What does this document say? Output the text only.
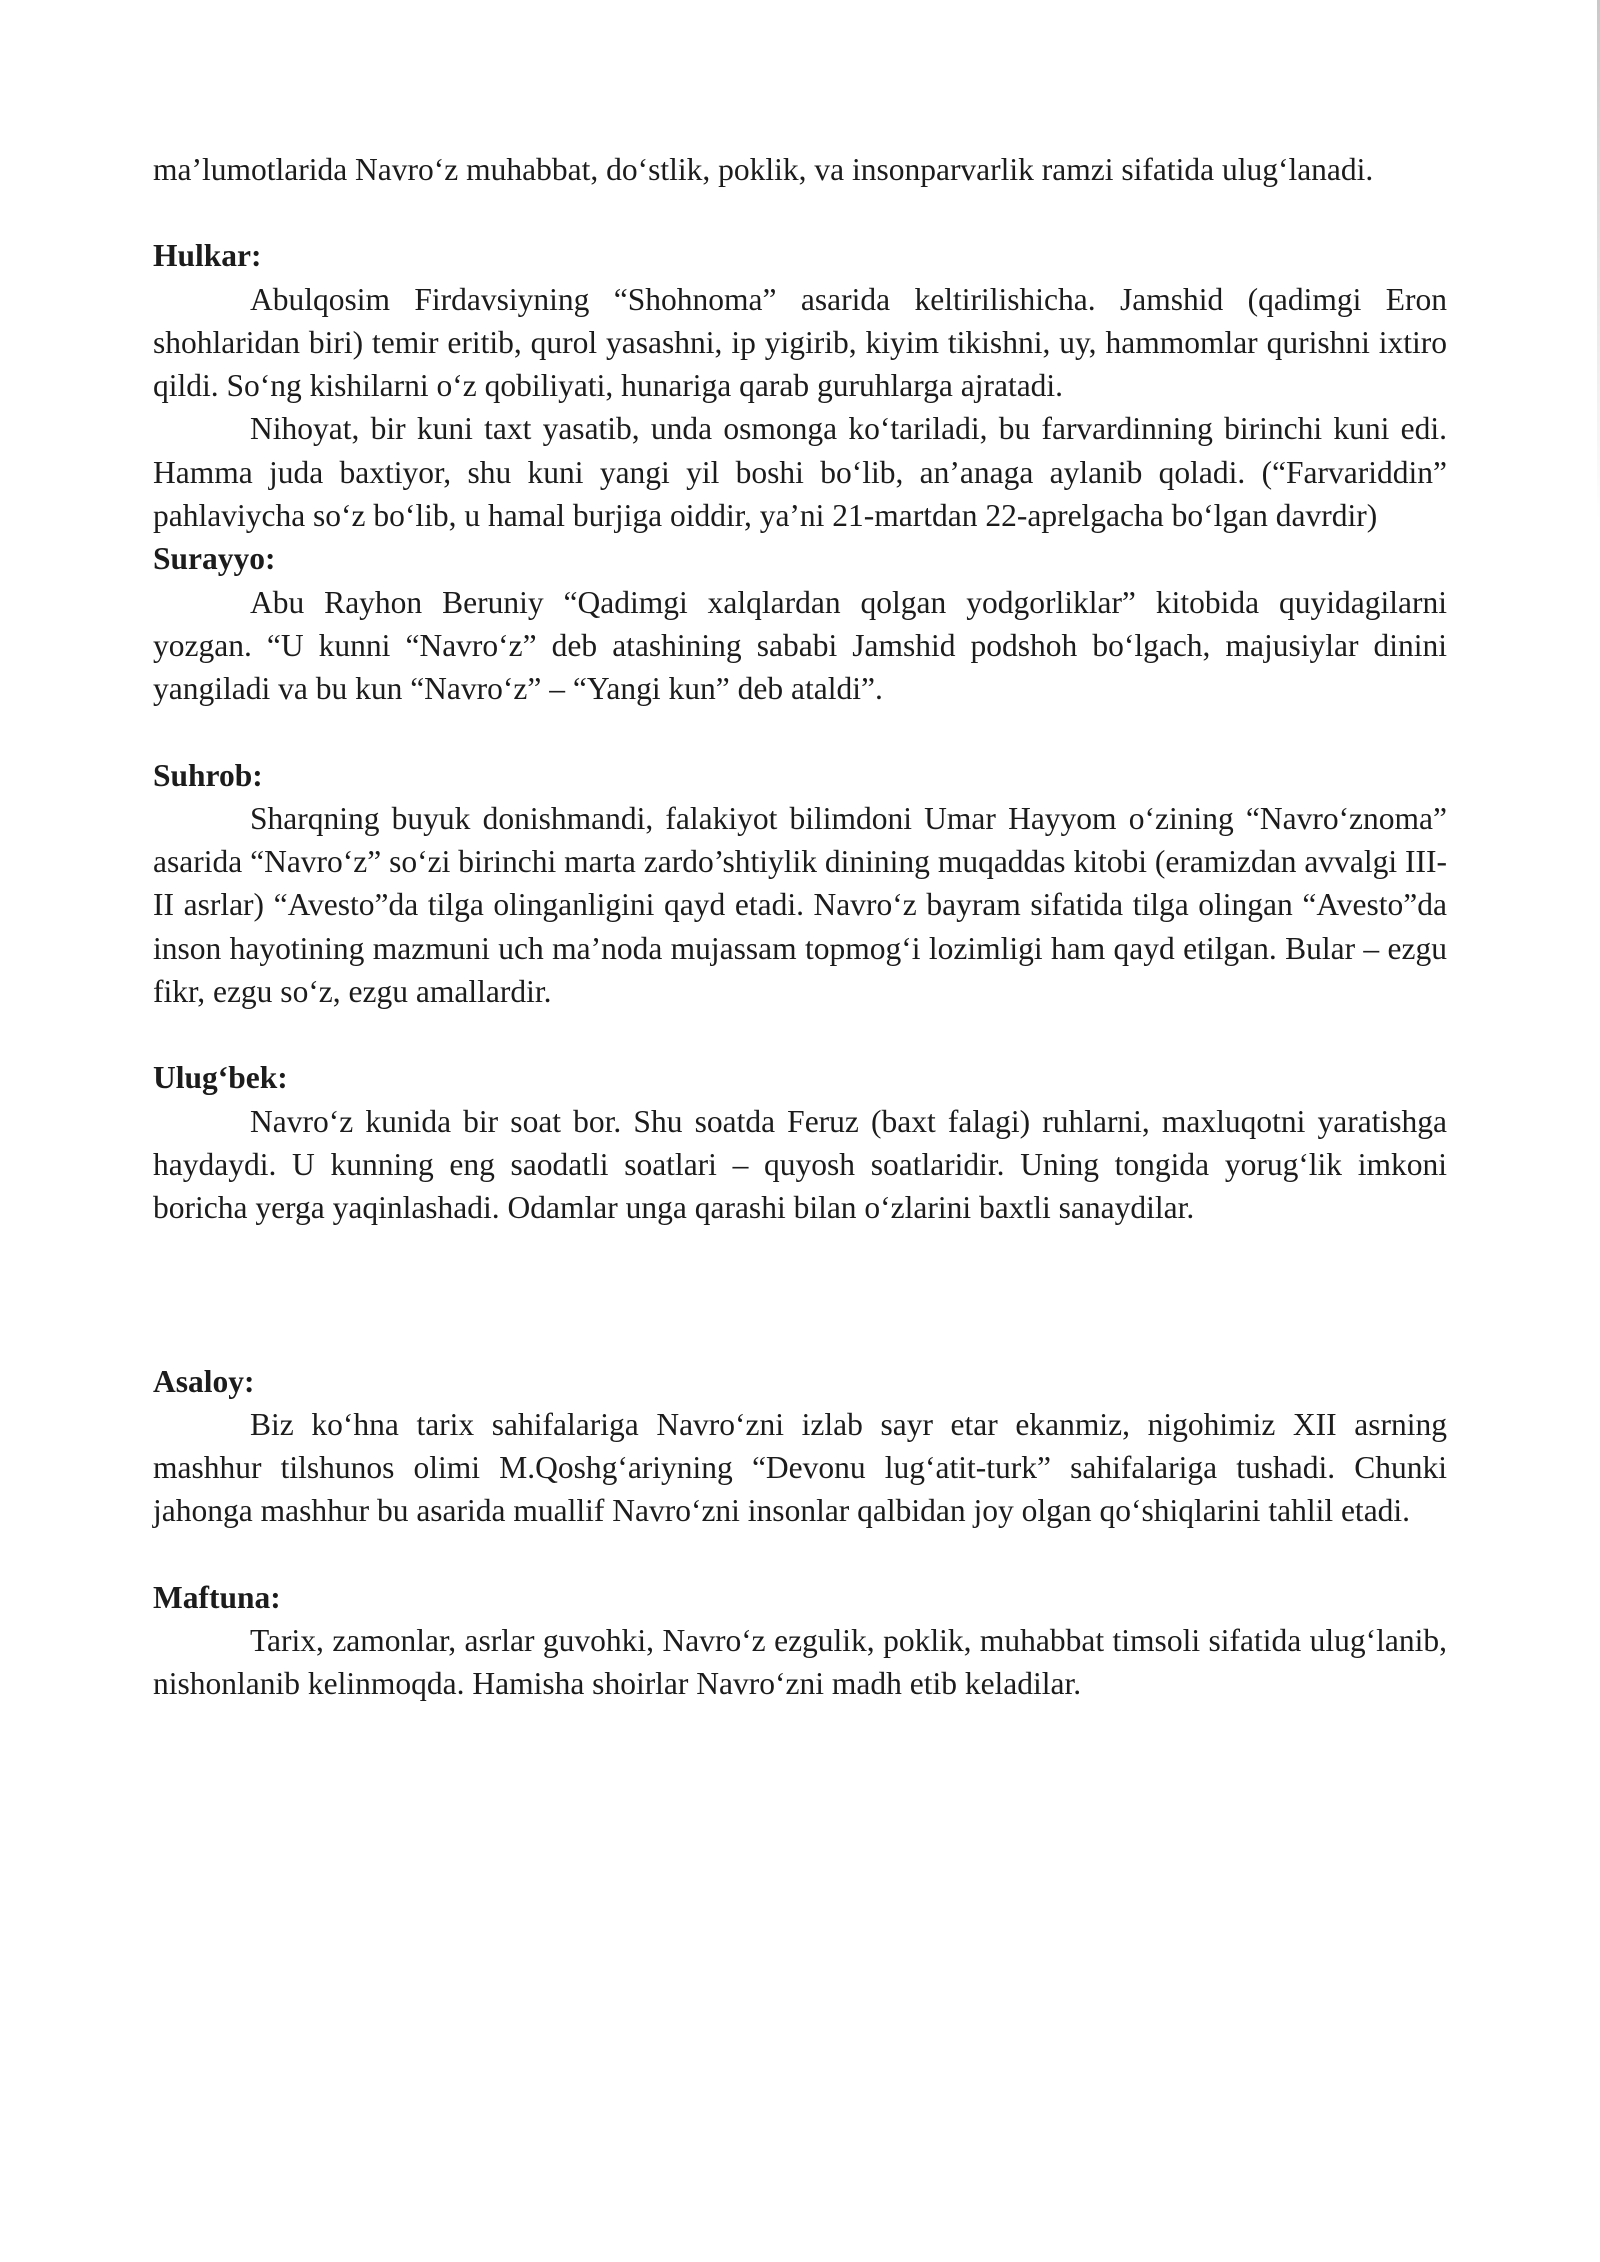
ma’lumotlarida Navro‘z muhabbat, do‘stlik, poklik, va insonparvarlik ramzi sifatida ulug‘lanadi.

Hulkar:

Abulqosim Firdavsiyning “Shohnoma” asarida keltirilishicha. Jamshid (qadimgi Eron shohlaridan biri) temir eritib, qurol yasashni, ip yigirib, kiyim tikishni, uy, hammomlar qurishni ixtiro qildi. So‘ng kishilarni o‘z qobiliyati, hunariga qarab guruhlarga ajratadi.

Nihoyat, bir kuni taxt yasatib, unda osmonga ko‘tariladi, bu farvardinning birinchi kuni edi. Hamma juda baxtiyor, shu kuni yangi yil boshi bo‘lib, an’anaga aylanib qoladi. (“Farvariddin” pahlaviycha so‘z bo‘lib, u hamal burjiga oiddir, ya’ni 21-martdan 22-aprelgacha bo‘lgan davrdir)

Surayyo:

Abu Rayhon Beruniy “Qadimgi xalqlardan qolgan yodgorliklar” kitobida quyidagilarni yozgan. “U kunni “Navro‘z” deb atashining sababi Jamshid podshoh bo‘lgach, majusiylar dinini yangiladi va bu kun “Navro‘z” – “Yangi kun” deb ataldi”.

Suhrob:

Sharqning buyuk donishmandi, falakiyot bilimdoni Umar Hayyom o‘zining “Navro‘znoma” asarida “Navro‘z” so‘zi birinchi marta zardo’shtiylik dinining muqaddas kitobi (eramizdan avvalgi III-II asrlar) “Avesto”da tilga olinganligini qayd etadi. Navro‘z bayram sifatida tilga olingan “Avesto”da inson hayotining mazmuni uch ma’noda mujassam topmog‘i lozimligi ham qayd etilgan. Bular – ezgu fikr, ezgu so‘z, ezgu amallardir.

Ulug‘bek:

Navro‘z kunida bir soat bor. Shu soatda Feruz (baxt falagi) ruhlarni, maxluqotni yaratishga haydaydi. U kunning eng saodatli soatlari – quyosh soatlaridir. Uning tongida yorug‘lik imkoni boricha yerga yaqinlashadi. Odamlar unga qarashi bilan o‘zlarini baxtli sanaydilar.

Asaloy:

Biz ko‘hna tarix sahifalariga Navro‘zni izlab sayr etar ekanmiz, nigohimiz XII asrning mashhur tilshunos olimi M.Qoshg‘ariyning “Devonu lug‘atit-turk” sahifalariga tushadi. Chunki jahonga mashhur bu asarida muallif Navro‘zni insonlar qalbidan joy olgan qo‘shiqlarini tahlil etadi.

Maftuna:

Tarix, zamonlar, asrlar guvohki, Navro‘z ezgulik, poklik, muhabbat timsoli sifatida ulug‘lanib, nishonlanib kelinmoqda. Hamisha shoirlar Navro‘zni madh etib keladilar.
